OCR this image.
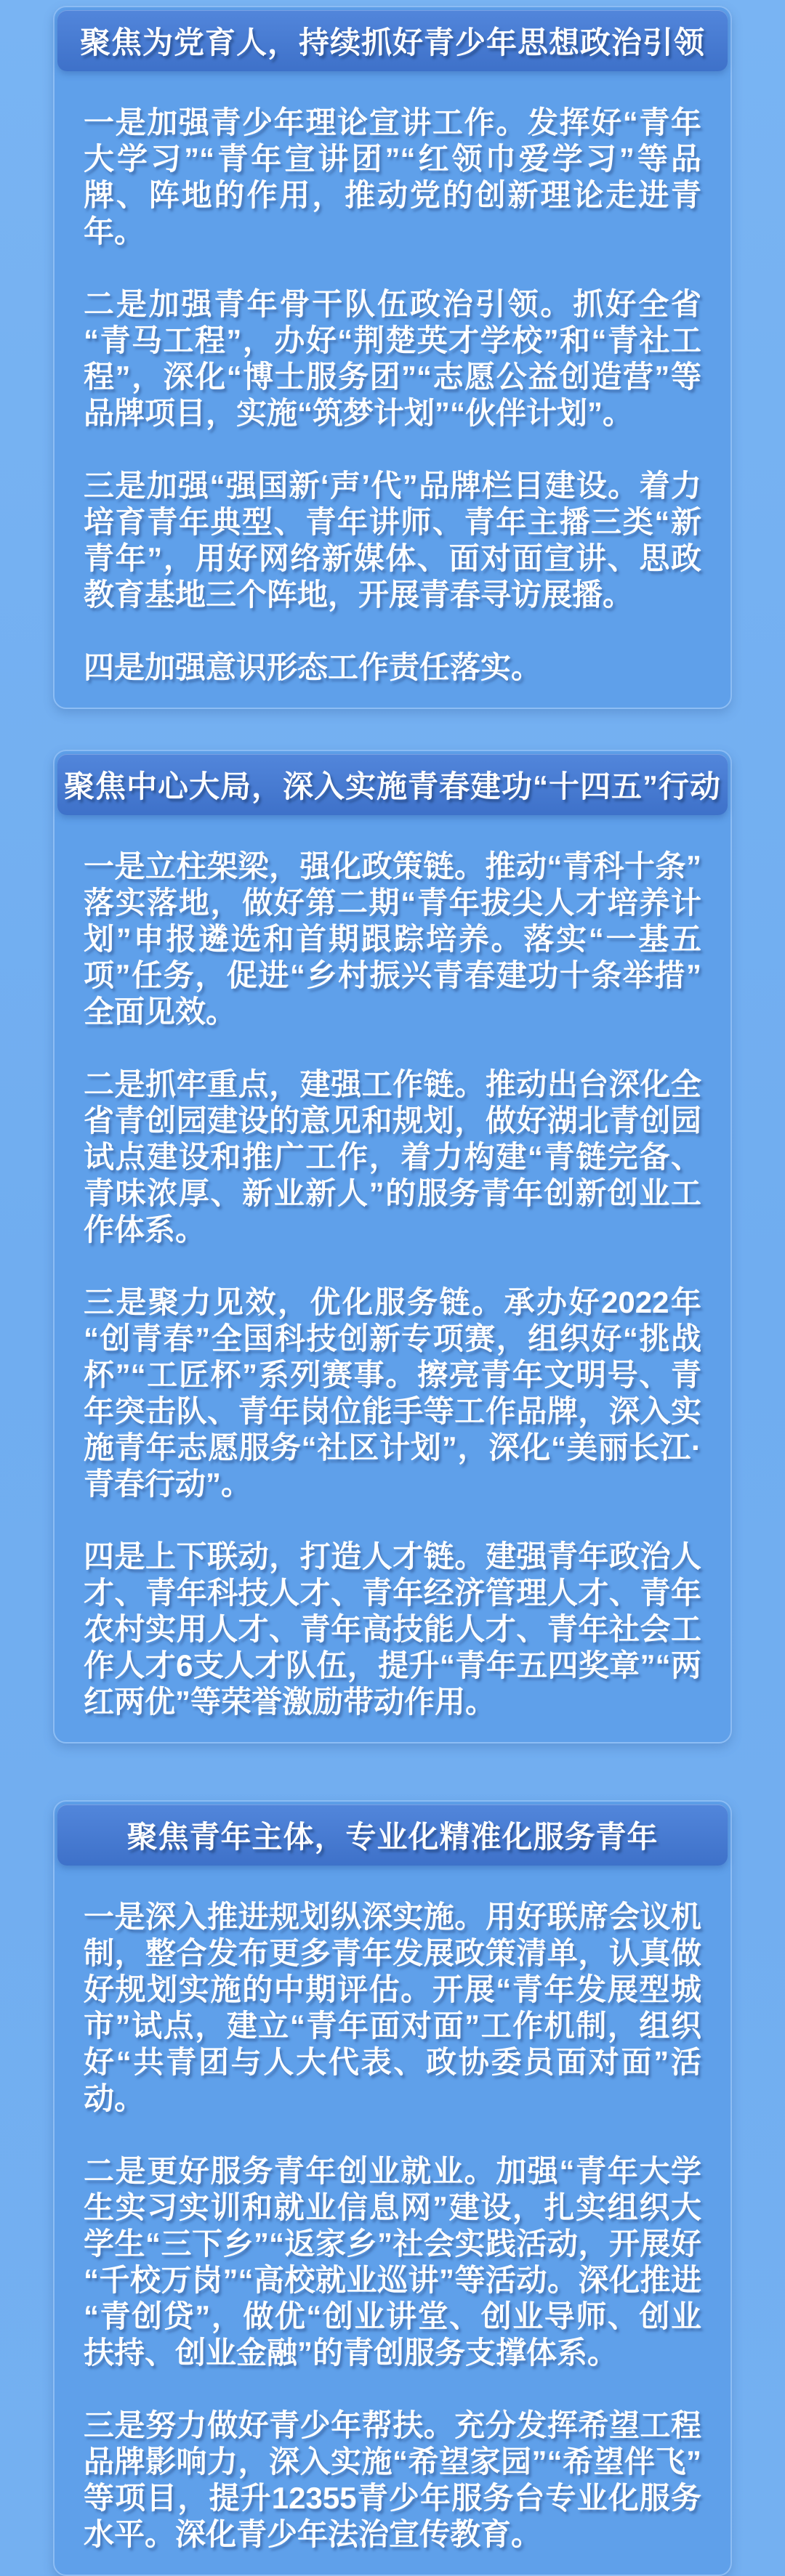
聚焦为党育人，持续抓好青少年思想政治引领

一是加强青少年理论宣讲工作。发挥好“青年大学习”“青年宣讲团”“红领巾爱学习”等品牌、阵地的作用，推动党的创新理论走进青年。

二是加强青年骨干队伍政治引领。抓好全省“青马工程”，办好“荆楚英才学校”和“青社工程”，深化“博士服务团”“志愿公益创造营”等品牌项目，实施“筑梦计划”“伙伴计划”。

三是加强“强国新‘声’代”品牌栏目建设。着力培育青年典型、青年讲师、青年主播三类“新青年”，用好网络新媒体、面对面宣讲、思政教育基地三个阵地，开展青春寻访展播。

四是加强意识形态工作责任落实。

聚焦中心大局，深入实施青春建功“十四五”行动

一是立柱架梁，强化政策链。推动“青科十条”落实落地，做好第二期“青年拔尖人才培养计划”申报遴选和首期跟踪培养。落实“一基五项”任务，促进“乡村振兴青春建功十条举措”全面见效。

二是抓牢重点，建强工作链。推动出台深化全省青创园建设的意见和规划，做好湖北青创园试点建设和推广工作，着力构建“青链完备、青味浓厚、新业新人”的服务青年创新创业工作体系。

三是聚力见效，优化服务链。承办好2022年“创青春”全国科技创新专项赛，组织好“挑战杯”“工匠杯”系列赛事。擦亮青年文明号、青年突击队、青年岗位能手等工作品牌，深入实施青年志愿服务“社区计划”，深化“美丽长江·青春行动”。

四是上下联动，打造人才链。建强青年政治人才、青年科技人才、青年经济管理人才、青年农村实用人才、青年高技能人才、青年社会工作人才6支人才队伍，提升“青年五四奖章”“两红两优”等荣誉激励带动作用。

聚焦青年主体，专业化精准化服务青年

一是深入推进规划纵深实施。用好联席会议机制，整合发布更多青年发展政策清单，认真做好规划实施的中期评估。开展“青年发展型城市”试点，建立“青年面对面”工作机制，组织好“共青团与人大代表、政协委员面对面”活动。

二是更好服务青年创业就业。加强“青年大学生实习实训和就业信息网”建设，扎实组织大学生“三下乡”“返家乡”社会实践活动，开展好“千校万岗”“高校就业巡讲”等活动。深化推进“青创贷”，做优“创业讲堂、创业导师、创业扶持、创业金融”的青创服务支撑体系。

三是努力做好青少年帮扶。充分发挥希望工程品牌影响力，深入实施“希望家园”“希望伴飞”等项目，提升12355青少年服务台专业化服务水平。深化青少年法治宣传教育。
